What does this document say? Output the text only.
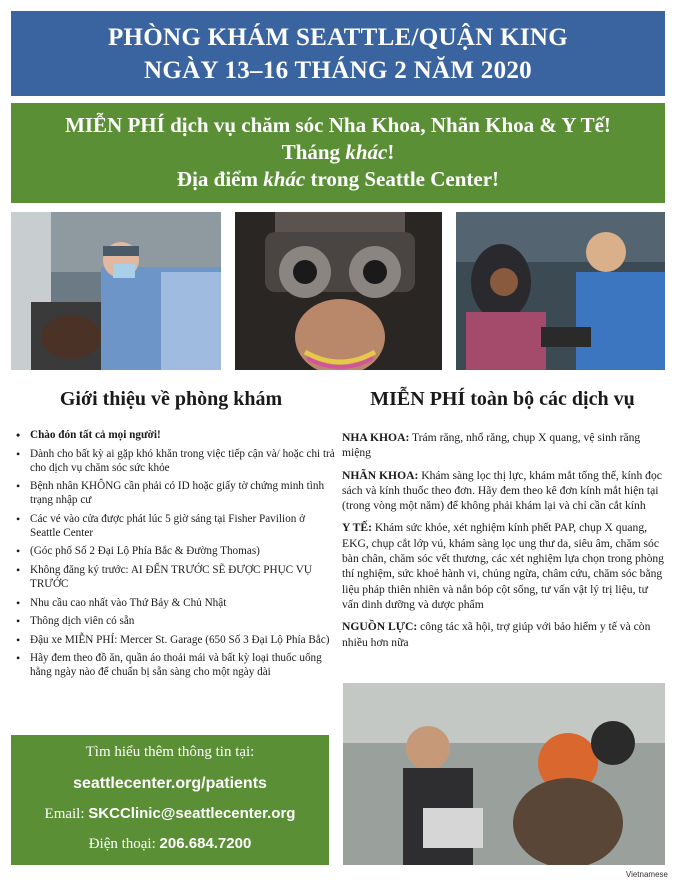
PHÒNG KHÁM SEATTLE/QUẬN KING
NGÀY 13–16 THÁNG 2 NĂM 2020
MIỄN PHÍ dịch vụ chăm sóc Nha Khoa, Nhãn Khoa & Y Tế!
Tháng khác!
Địa điểm khác trong Seattle Center!
Giới thiệu về phòng khám	MIỄN PHÍ toàn bộ các dịch vụ
• Chào đón tất cả mọi người!
• Dành cho bất kỳ ai gặp khó khăn trong việc tiếp cận và/ hoặc chi trả cho dịch vụ chăm sóc sức khỏe
• Bệnh nhân KHÔNG cần phải có ID hoặc giấy tờ chứng minh tình trạng nhập cư
• Các vé vào cửa được phát lúc 5 giờ sáng tại Fisher Pavilion ở Seattle Center
• (Góc phố Số 2 Đại Lộ Phía Bắc & Đường Thomas)
• Không đăng ký trước: AI ĐẾN TRƯỚC SẼ ĐƯỢC PHỤC VỤ TRƯỚC
• Nhu cầu cao nhất vào Thứ Bảy & Chủ Nhật
• Thông dịch viên có sẵn
• Đậu xe MIỄN PHÍ: Mercer St. Garage (650 Số 3 Đại Lộ Phía Bắc)
• Hãy đem theo đồ ăn, quần áo thoải mái và bất kỳ loại thuốc uống hằng ngày nào để chuẩn bị sẵn sàng cho một ngày dài

NHA KHOA: Trám răng, nhổ răng, chụp X quang, vệ sinh răng miệng

NHÃN KHOA: Khám sàng lọc thị lực, khám mắt tổng thể, kính đọc sách và kính thuốc theo đơn. Hãy đem theo kê đơn kính mắt hiện tại (trong vòng một năm) để không phải khám lại và chỉ cần cắt kính

Y TẾ: Khám sức khỏe, xét nghiệm kính phết PAP, chụp X quang, EKG, chụp cắt lớp vú, khám sàng lọc ung thư da, siêu âm, chăm sóc bàn chân, chăm sóc vết thương, các xét nghiệm lựa chọn trong phòng thí nghiệm, sức khoẻ hành vi, chủng ngừa, châm cứu, chăm sóc bằng liệu pháp thiên nhiên và nắn bóp cột sống, tư vấn vật lý trị liệu, tư vấn dinh dưỡng và dược phẩm

NGUỒN LỰC: công tác xã hội, trợ giúp với bảo hiểm y tế và còn nhiều hơn nữa

Tìm hiểu thêm thông tin tại:
seattlecenter.org/patients
Email: SKCClinic@seattlecenter.org
Điện thoại: 206.684.7200
Vietnamese
